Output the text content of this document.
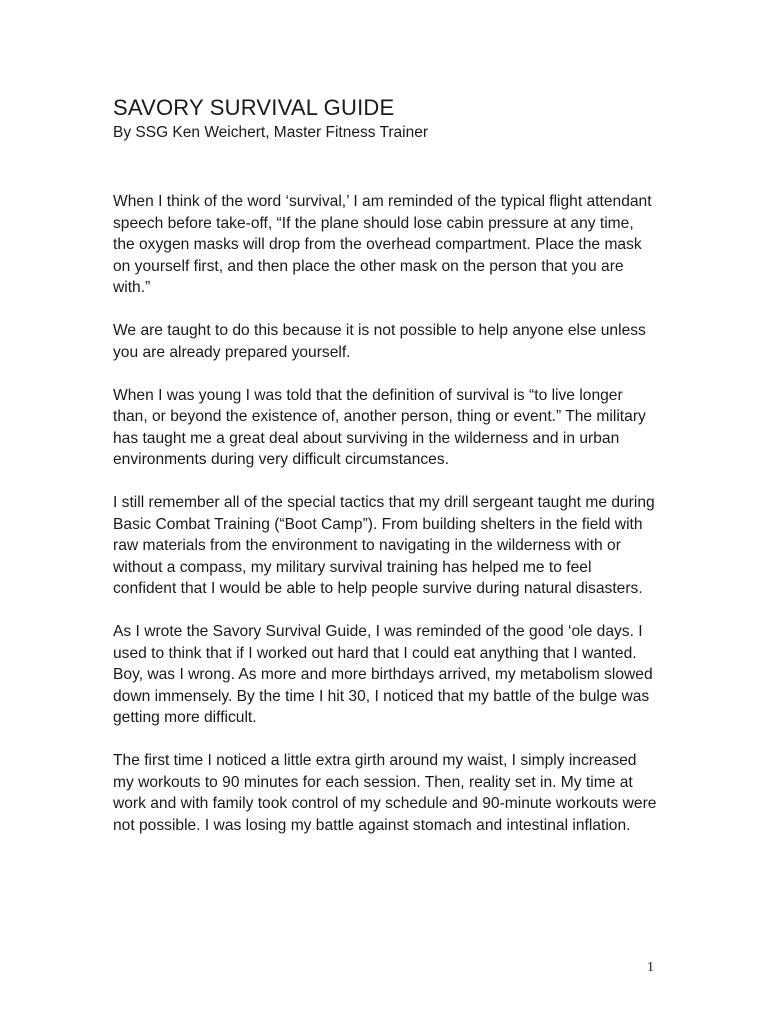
SAVORY SURVIVAL GUIDE

By SSG Ken Weichert, Master Fitness Trainer

When I think of the word ‘survival,’ I am reminded of the typical flight attendant speech before take-off, “If the plane should lose cabin pressure at any time, the oxygen masks will drop from the overhead compartment. Place the mask on yourself first, and then place the other mask on the person that you are with.”

We are taught to do this because it is not possible to help anyone else unless you are already prepared yourself.

When I was young I was told that the definition of survival is “to live longer than, or beyond the existence of, another person, thing or event.” The military has taught me a great deal about surviving in the wilderness and in urban environments during very difficult circumstances.

I still remember all of the special tactics that my drill sergeant taught me during Basic Combat Training (“Boot Camp”). From building shelters in the field with raw materials from the environment to navigating in the wilderness with or without a compass, my military survival training has helped me to feel confident that I would be able to help people survive during natural disasters.

As I wrote the Savory Survival Guide, I was reminded of the good ‘ole days. I used to think that if I worked out hard that I could eat anything that I wanted. Boy, was I wrong. As more and more birthdays arrived, my metabolism slowed down immensely. By the time I hit 30, I noticed that my battle of the bulge was getting more difficult.

The first time I noticed a little extra girth around my waist, I simply increased my workouts to 90 minutes for each session. Then, reality set in. My time at work and with family took control of my schedule and 90-minute workouts were not possible. I was losing my battle against stomach and intestinal inflation.

1
